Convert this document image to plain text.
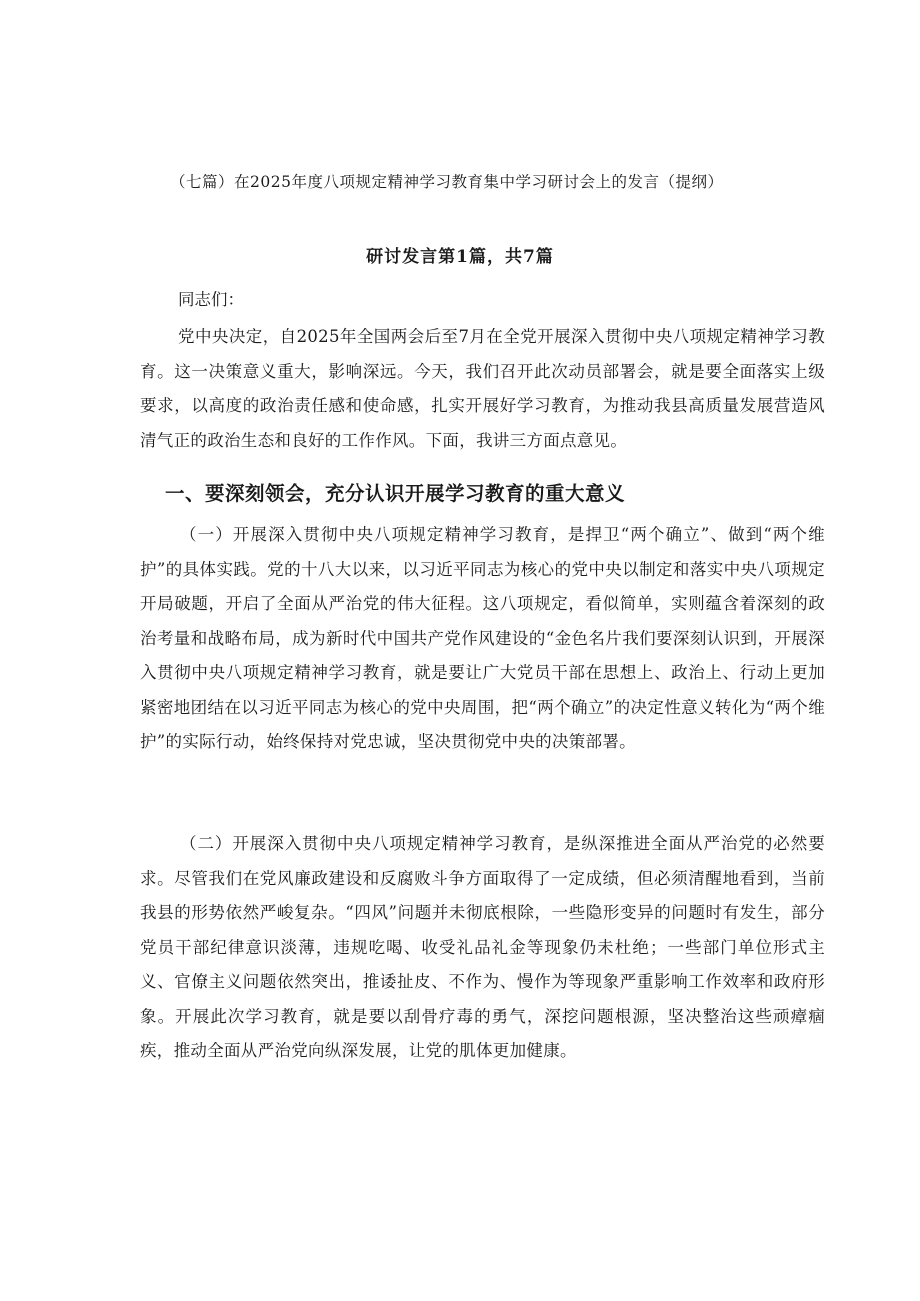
（七篇）在2025年度八项规定精神学习教育集中学习研讨会上的发言（提纲）
研讨发言第1篇，共7篇
同志们：

党中央决定，自2025年全国两会后至7月在全党开展深入贯彻中央八项规定精神学习教育。这一决策意义重大，影响深远。今天，我们召开此次动员部署会，就是要全面落实上级要求，以高度的政治责任感和使命感，扎实开展好学习教育，为推动我县高质量发展营造风清气正的政治生态和良好的工作作风。下面，我讲三方面点意见。

一、要深刻领会，充分认识开展学习教育的重大意义

（一）开展深入贯彻中央八项规定精神学习教育，是捍卫“两个确立”、做到“两个维护”的具体实践。党的十八大以来，以习近平同志为核心的党中央以制定和落实中央八项规定开局破题，开启了全面从严治党的伟大征程。这八项规定，看似简单，实则蕴含着深刻的政治考量和战略布局，成为新时代中国共产党作风建设的“金色名片我们要深刻认识到，开展深入贯彻中央八项规定精神学习教育，就是要让广大党员干部在思想上、政治上、行动上更加紧密地团结在以习近平同志为核心的党中央周围，把“两个确立”的决定性意义转化为“两个维护”的实际行动，始终保持对党忠诚，坚决贯彻党中央的决策部署。

（二）开展深入贯彻中央八项规定精神学习教育，是纵深推进全面从严治党的必然要求。尽管我们在党风廉政建设和反腐败斗争方面取得了一定成绩，但必须清醒地看到，当前我县的形势依然严峻复杂。“四风”问题并未彻底根除，一些隐形变异的问题时有发生，部分党员干部纪律意识淡薄，违规吃喝、收受礼品礼金等现象仍未杜绝；一些部门单位形式主义、官僚主义问题依然突出，推诿扯皮、不作为、慢作为等现象严重影响工作效率和政府形象。开展此次学习教育，就是要以刮骨疗毒的勇气，深挖问题根源，坚决整治这些顽瘴痼疾，推动全面从严治党向纵深发展，让党的肌体更加健康。
